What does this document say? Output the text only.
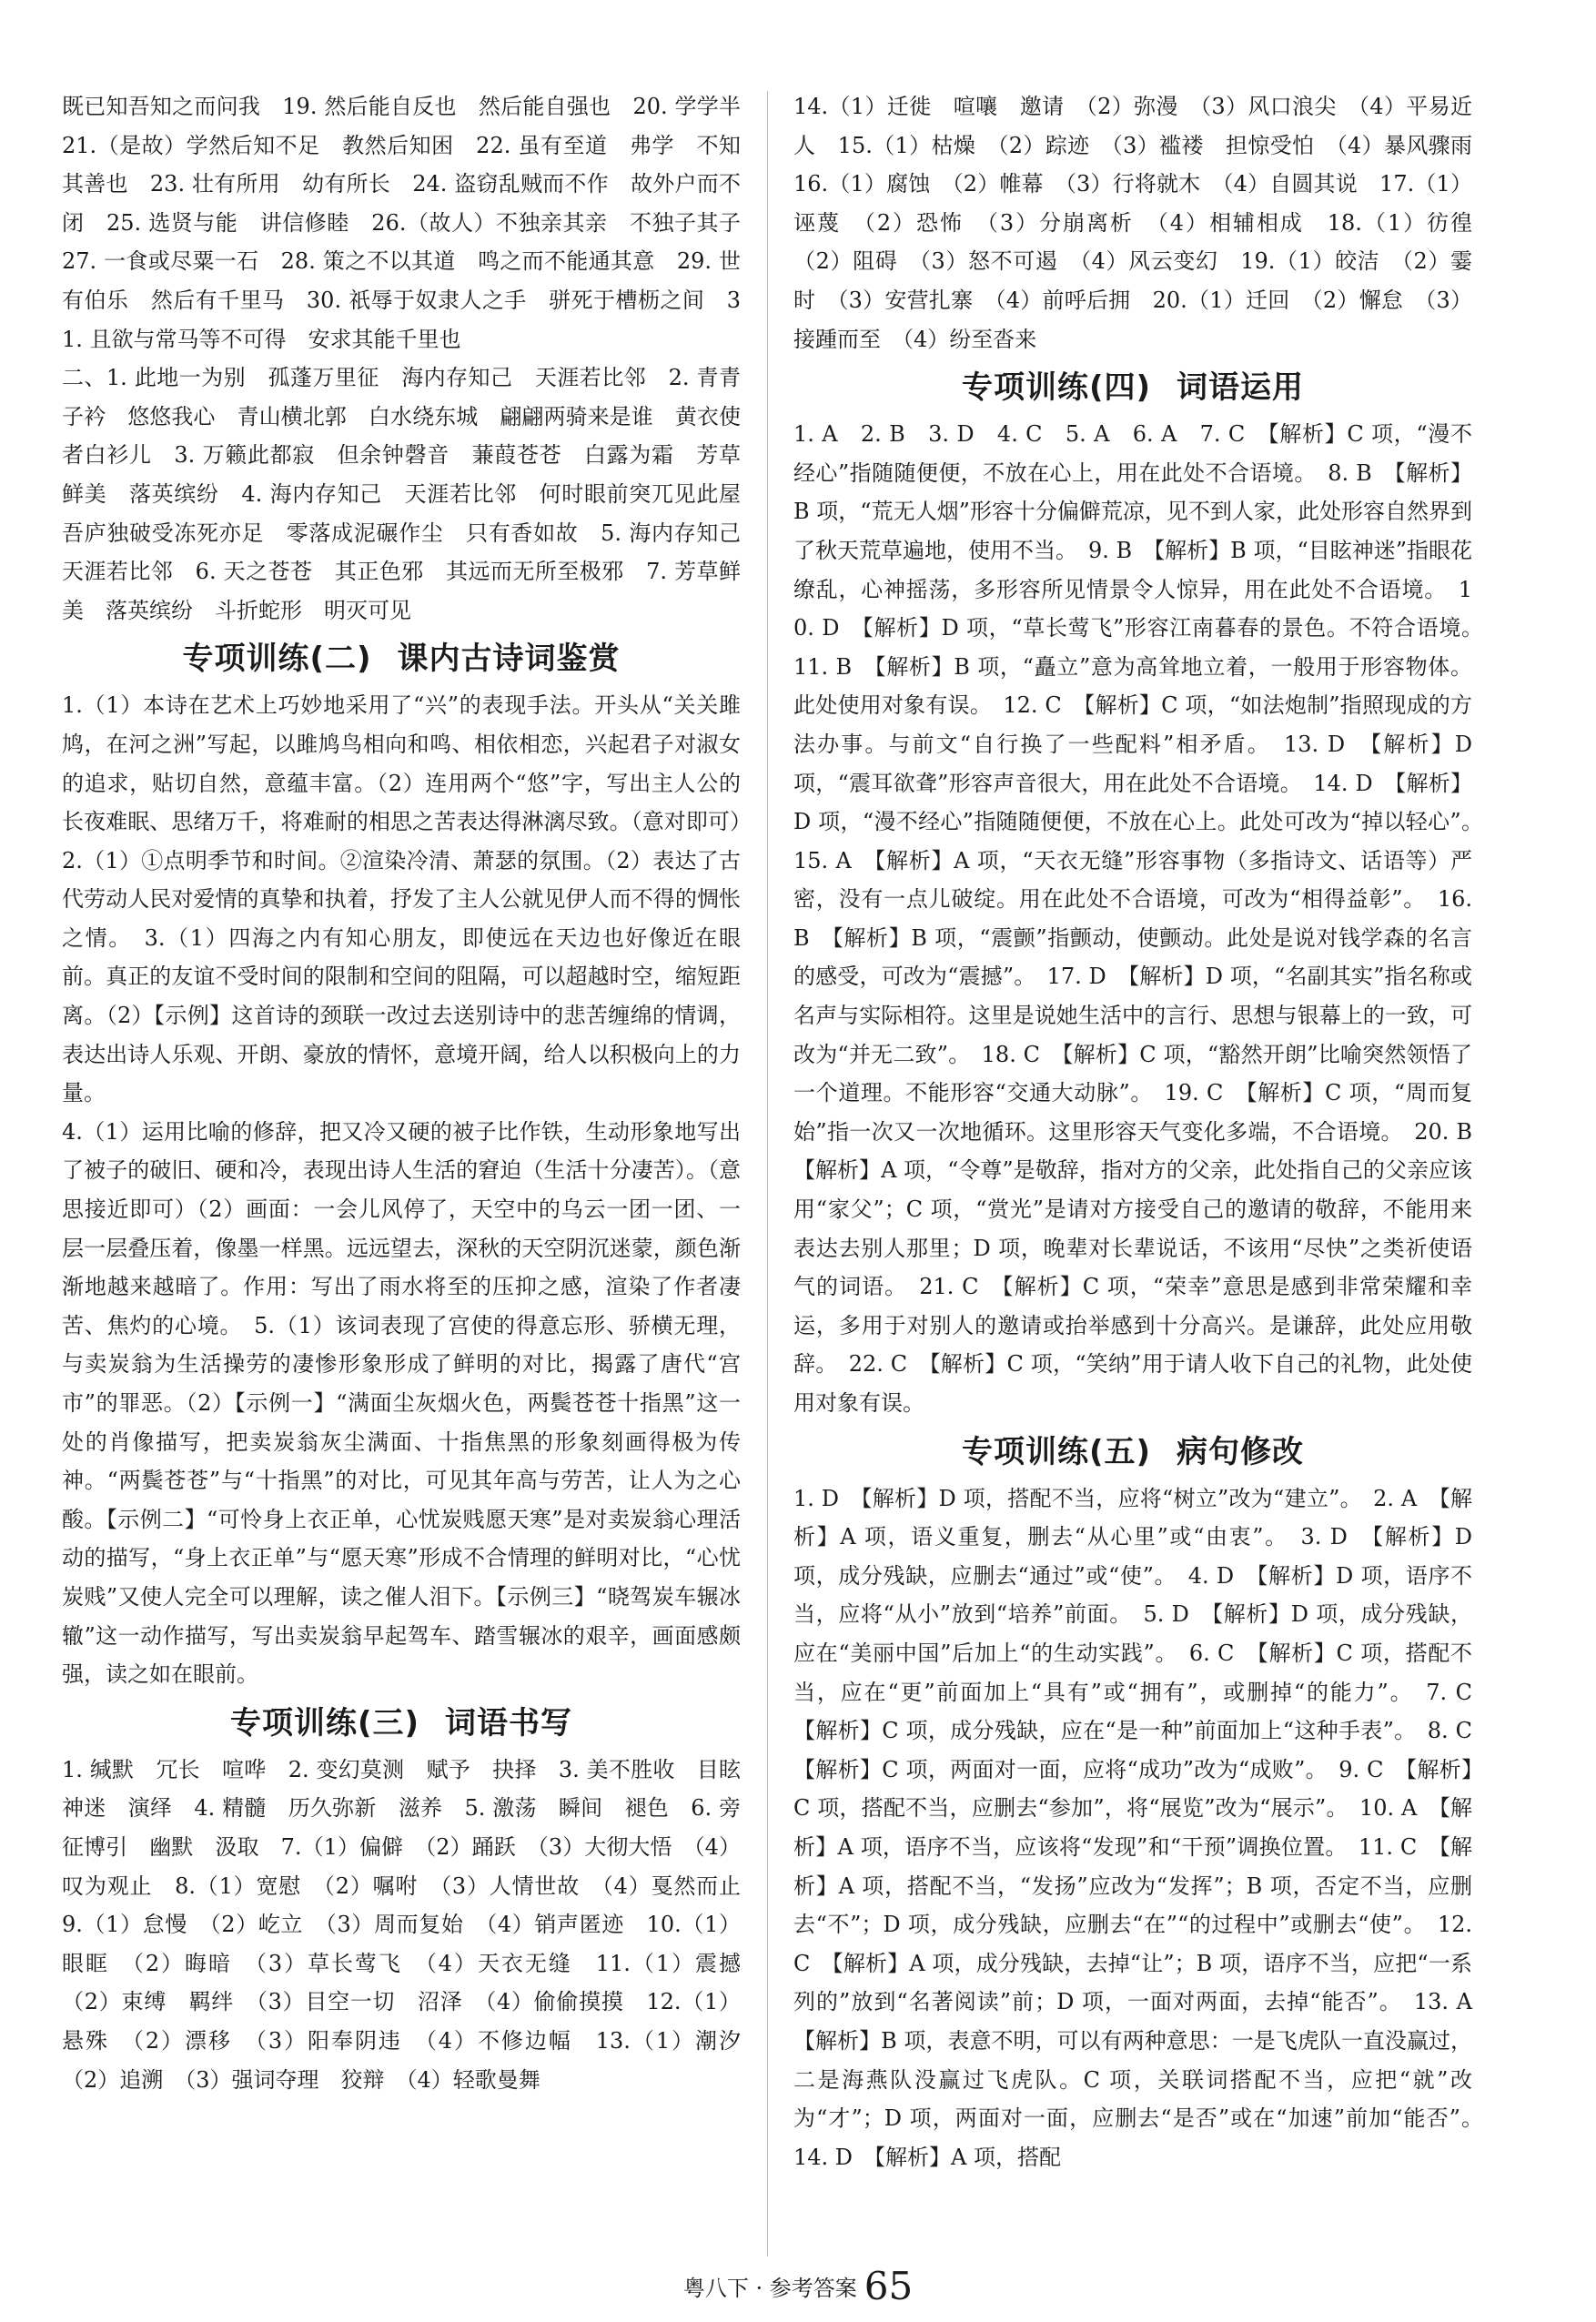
既已知吾知之而问我　19. 然后能自反也　然后能自强也　20. 学学半　21.（是故）学然后知不足　教然后知困　22. 虽有至道　弗学　不知其善也　23. 壮有所用　幼有所长　24. 盗窃乱贼而不作　故外户而不闭　25. 选贤与能　讲信修睦　26.（故人）不独亲其亲　不独子其子　27. 一食或尽粟一石　28. 策之不以其道　鸣之而不能通其意　29. 世有伯乐　然后有千里马　30. 祇辱于奴隶人之手　骈死于槽枥之间　31. 且欲与常马等不可得　安求其能千里也

二、1. 此地一为别　孤蓬万里征　海内存知己　天涯若比邻　2. 青青子衿　悠悠我心　青山横北郭　白水绕东城　翩翩两骑来是谁　黄衣使者白衫儿　3. 万籁此都寂　但余钟磬音　蒹葭苍苍　白露为霜　芳草鲜美　落英缤纷　4. 海内存知己　天涯若比邻　何时眼前突兀见此屋　吾庐独破受冻死亦足　零落成泥碾作尘　只有香如故　5. 海内存知己　天涯若比邻　6. 天之苍苍　其正色邪　其远而无所至极邪　7. 芳草鲜美　落英缤纷　斗折蛇形　明灭可见

专项训练(二) 课内古诗词鉴赏

1.（1）本诗在艺术上巧妙地采用了“兴”的表现手法。开头从“关关雎鸠，在河之洲”写起，以雎鸠鸟相向和鸣、相依相恋，兴起君子对淑女的追求，贴切自然，意蕴丰富。（2）连用两个“悠”字，写出主人公的长夜难眠、思绪万千，将难耐的相思之苦表达得淋漓尽致。（意对即可）　2.（1）①点明季节和时间。②渲染冷清、萧瑟的氛围。（2）表达了古代劳动人民对爱情的真挚和执着，抒发了主人公就见伊人而不得的惆怅之情。　3.（1）四海之内有知心朋友，即使远在天边也好像近在眼前。真正的友谊不受时间的限制和空间的阻隔，可以超越时空，缩短距离。（2）【示例】这首诗的颈联一改过去送别诗中的悲苦缠绵的情调，表达出诗人乐观、开朗、豪放的情怀，意境开阔，给人以积极向上的力量。

4.（1）运用比喻的修辞，把又冷又硬的被子比作铁，生动形象地写出了被子的破旧、硬和冷，表现出诗人生活的窘迫（生活十分凄苦）。（意思接近即可）（2）画面：一会儿风停了，天空中的乌云一团一团、一层一层叠压着，像墨一样黑。远远望去，深秋的天空阴沉迷蒙，颜色渐渐地越来越暗了。作用：写出了雨水将至的压抑之感，渲染了作者凄苦、焦灼的心境。　5.（1）该词表现了宫使的得意忘形、骄横无理，与卖炭翁为生活操劳的凄惨形象形成了鲜明的对比，揭露了唐代“宫市”的罪恶。（2）【示例一】“满面尘灰烟火色，两鬓苍苍十指黑”这一处的肖像描写，把卖炭翁灰尘满面、十指焦黑的形象刻画得极为传神。“两鬓苍苍”与“十指黑”的对比，可见其年高与劳苦，让人为之心酸。【示例二】“可怜身上衣正单，心忧炭贱愿天寒”是对卖炭翁心理活动的描写，“身上衣正单”与“愿天寒”形成不合情理的鲜明对比，“心忧炭贱”又使人完全可以理解，读之催人泪下。【示例三】“晓驾炭车辗冰辙”这一动作描写，写出卖炭翁早起驾车、踏雪辗冰的艰辛，画面感颇强，读之如在眼前。

专项训练(三) 词语书写

1. 缄默　冗长　喧哗　2. 变幻莫测　赋予　抉择　3. 美不胜收　目眩神迷　演绎　4. 精髓　历久弥新　滋养　5. 激荡　瞬间　褪色　6. 旁征博引　幽默　汲取　7.（1）偏僻　（2）踊跃　（3）大彻大悟　（4）叹为观止　8.（1）宽慰　（2）嘱咐　（3）人情世故　（4）戛然而止　9.（1）怠慢　（2）屹立　（3）周而复始　（4）销声匿迹　10.（1）眼眶　（2）晦暗　（3）草长莺飞　（4）天衣无缝　11.（1）震撼　（2）束缚　羁绊　（3）目空一切　沼泽　（4）偷偷摸摸　12.（1）悬殊　（2）漂移　（3）阳奉阴违　（4）不修边幅　13.（1）潮汐　（2）追溯　（3）强词夺理　狡辩　（4）轻歌曼舞

14.（1）迁徙　喧嚷　邀请　（2）弥漫　（3）风口浪尖　（4）平易近人　15.（1）枯燥　（2）踪迹　（3）褴褛　担惊受怕　（4）暴风骤雨　16.（1）腐蚀　（2）帷幕　（3）行将就木　（4）自圆其说　17.（1）诬蔑　（2）恐怖　（3）分崩离析　（4）相辅相成　18.（1）彷徨　（2）阻碍　（3）怒不可遏　（4）风云变幻　19.（1）皎洁　（2）霎时　（3）安营扎寨　（4）前呼后拥　20.（1）迁回　（2）懈怠　（3）接踵而至　（4）纷至沓来

专项训练(四) 词语运用

1. A　2. B　3. D　4. C　5. A　6. A　7. C　【解析】C 项，“漫不经心”指随随便便，不放在心上，用在此处不合语境。　8. B　【解析】B 项，“荒无人烟”形容十分偏僻荒凉，见不到人家，此处形容自然界到了秋天荒草遍地，使用不当。　9. B　【解析】B 项，“目眩神迷”指眼花缭乱，心神摇荡，多形容所见情景令人惊异，用在此处不合语境。　10. D　【解析】D 项，“草长莺飞”形容江南暮春的景色。不符合语境。　11. B　【解析】B 项，“矗立”意为高耸地立着，一般用于形容物体。此处使用对象有误。　12. C　【解析】C 项，“如法炮制”指照现成的方法办事。与前文“自行换了一些配料”相矛盾。　13. D　【解析】D 项，“震耳欲聋”形容声音很大，用在此处不合语境。　14. D　【解析】D 项，“漫不经心”指随随便便，不放在心上。此处可改为“掉以轻心”。　15. A　【解析】A 项，“天衣无缝”形容事物（多指诗文、话语等）严密，没有一点儿破绽。用在此处不合语境，可改为“相得益彰”。　16. B　【解析】B 项，“震颤”指颤动，使颤动。此处是说对钱学森的名言的感受，可改为“震撼”。　17. D　【解析】D 项，“名副其实”指名称或名声与实际相符。这里是说她生活中的言行、思想与银幕上的一致，可改为“并无二致”。　18. C　【解析】C 项，“豁然开朗”比喻突然领悟了一个道理。不能形容“交通大动脉”。　19. C　【解析】C 项，“周而复始”指一次又一次地循环。这里形容天气变化多端，不合语境。　20. B　【解析】A 项，“令尊”是敬辞，指对方的父亲，此处指自己的父亲应该用“家父”；C 项，“赏光”是请对方接受自己的邀请的敬辞，不能用来表达去别人那里；D 项，晚辈对长辈说话，不该用“尽快”之类祈使语气的词语。　21. C　【解析】C 项，“荣幸”意思是感到非常荣耀和幸运，多用于对别人的邀请或抬举感到十分高兴。是谦辞，此处应用敬辞。　22. C　【解析】C 项，“笑纳”用于请人收下自己的礼物，此处使用对象有误。

专项训练(五) 病句修改

1. D　【解析】D 项，搭配不当，应将“树立”改为“建立”。　2. A　【解析】A 项，语义重复，删去“从心里”或“由衷”。　3. D　【解析】D 项，成分残缺，应删去“通过”或“使”。　4. D　【解析】D 项，语序不当，应将“从小”放到“培养”前面。　5. D　【解析】D 项，成分残缺，应在“美丽中国”后加上“的生动实践”。　6. C　【解析】C 项，搭配不当，应在“更”前面加上“具有”或“拥有”，或删掉“的能力”。　7. C　【解析】C 项，成分残缺，应在“是一种”前面加上“这种手表”。　8. C　【解析】C 项，两面对一面，应将“成功”改为“成败”。　9. C　【解析】C 项，搭配不当，应删去“参加”，将“展览”改为“展示”。　10. A　【解析】A 项，语序不当，应该将“发现”和“干预”调换位置。　11. C　【解析】A 项，搭配不当，“发扬”应改为“发挥”；B 项，否定不当，应删去“不”；D 项，成分残缺，应删去“在”“的过程中”或删去“使”。　12. C　【解析】A 项，成分残缺，去掉“让”；B 项，语序不当，应把“一系列的”放到“名著阅读”前；D 项，一面对两面，去掉“能否”。　13. A　【解析】B 项，表意不明，可以有两种意思：一是飞虎队一直没赢过，二是海燕队没赢过飞虎队。C 项，关联词搭配不当，应把“就”改为“才”；D 项，两面对一面，应删去“是否”或在“加速”前加“能否”。　14. D　【解析】A 项，搭配

粤八下 · 参考答案 65
